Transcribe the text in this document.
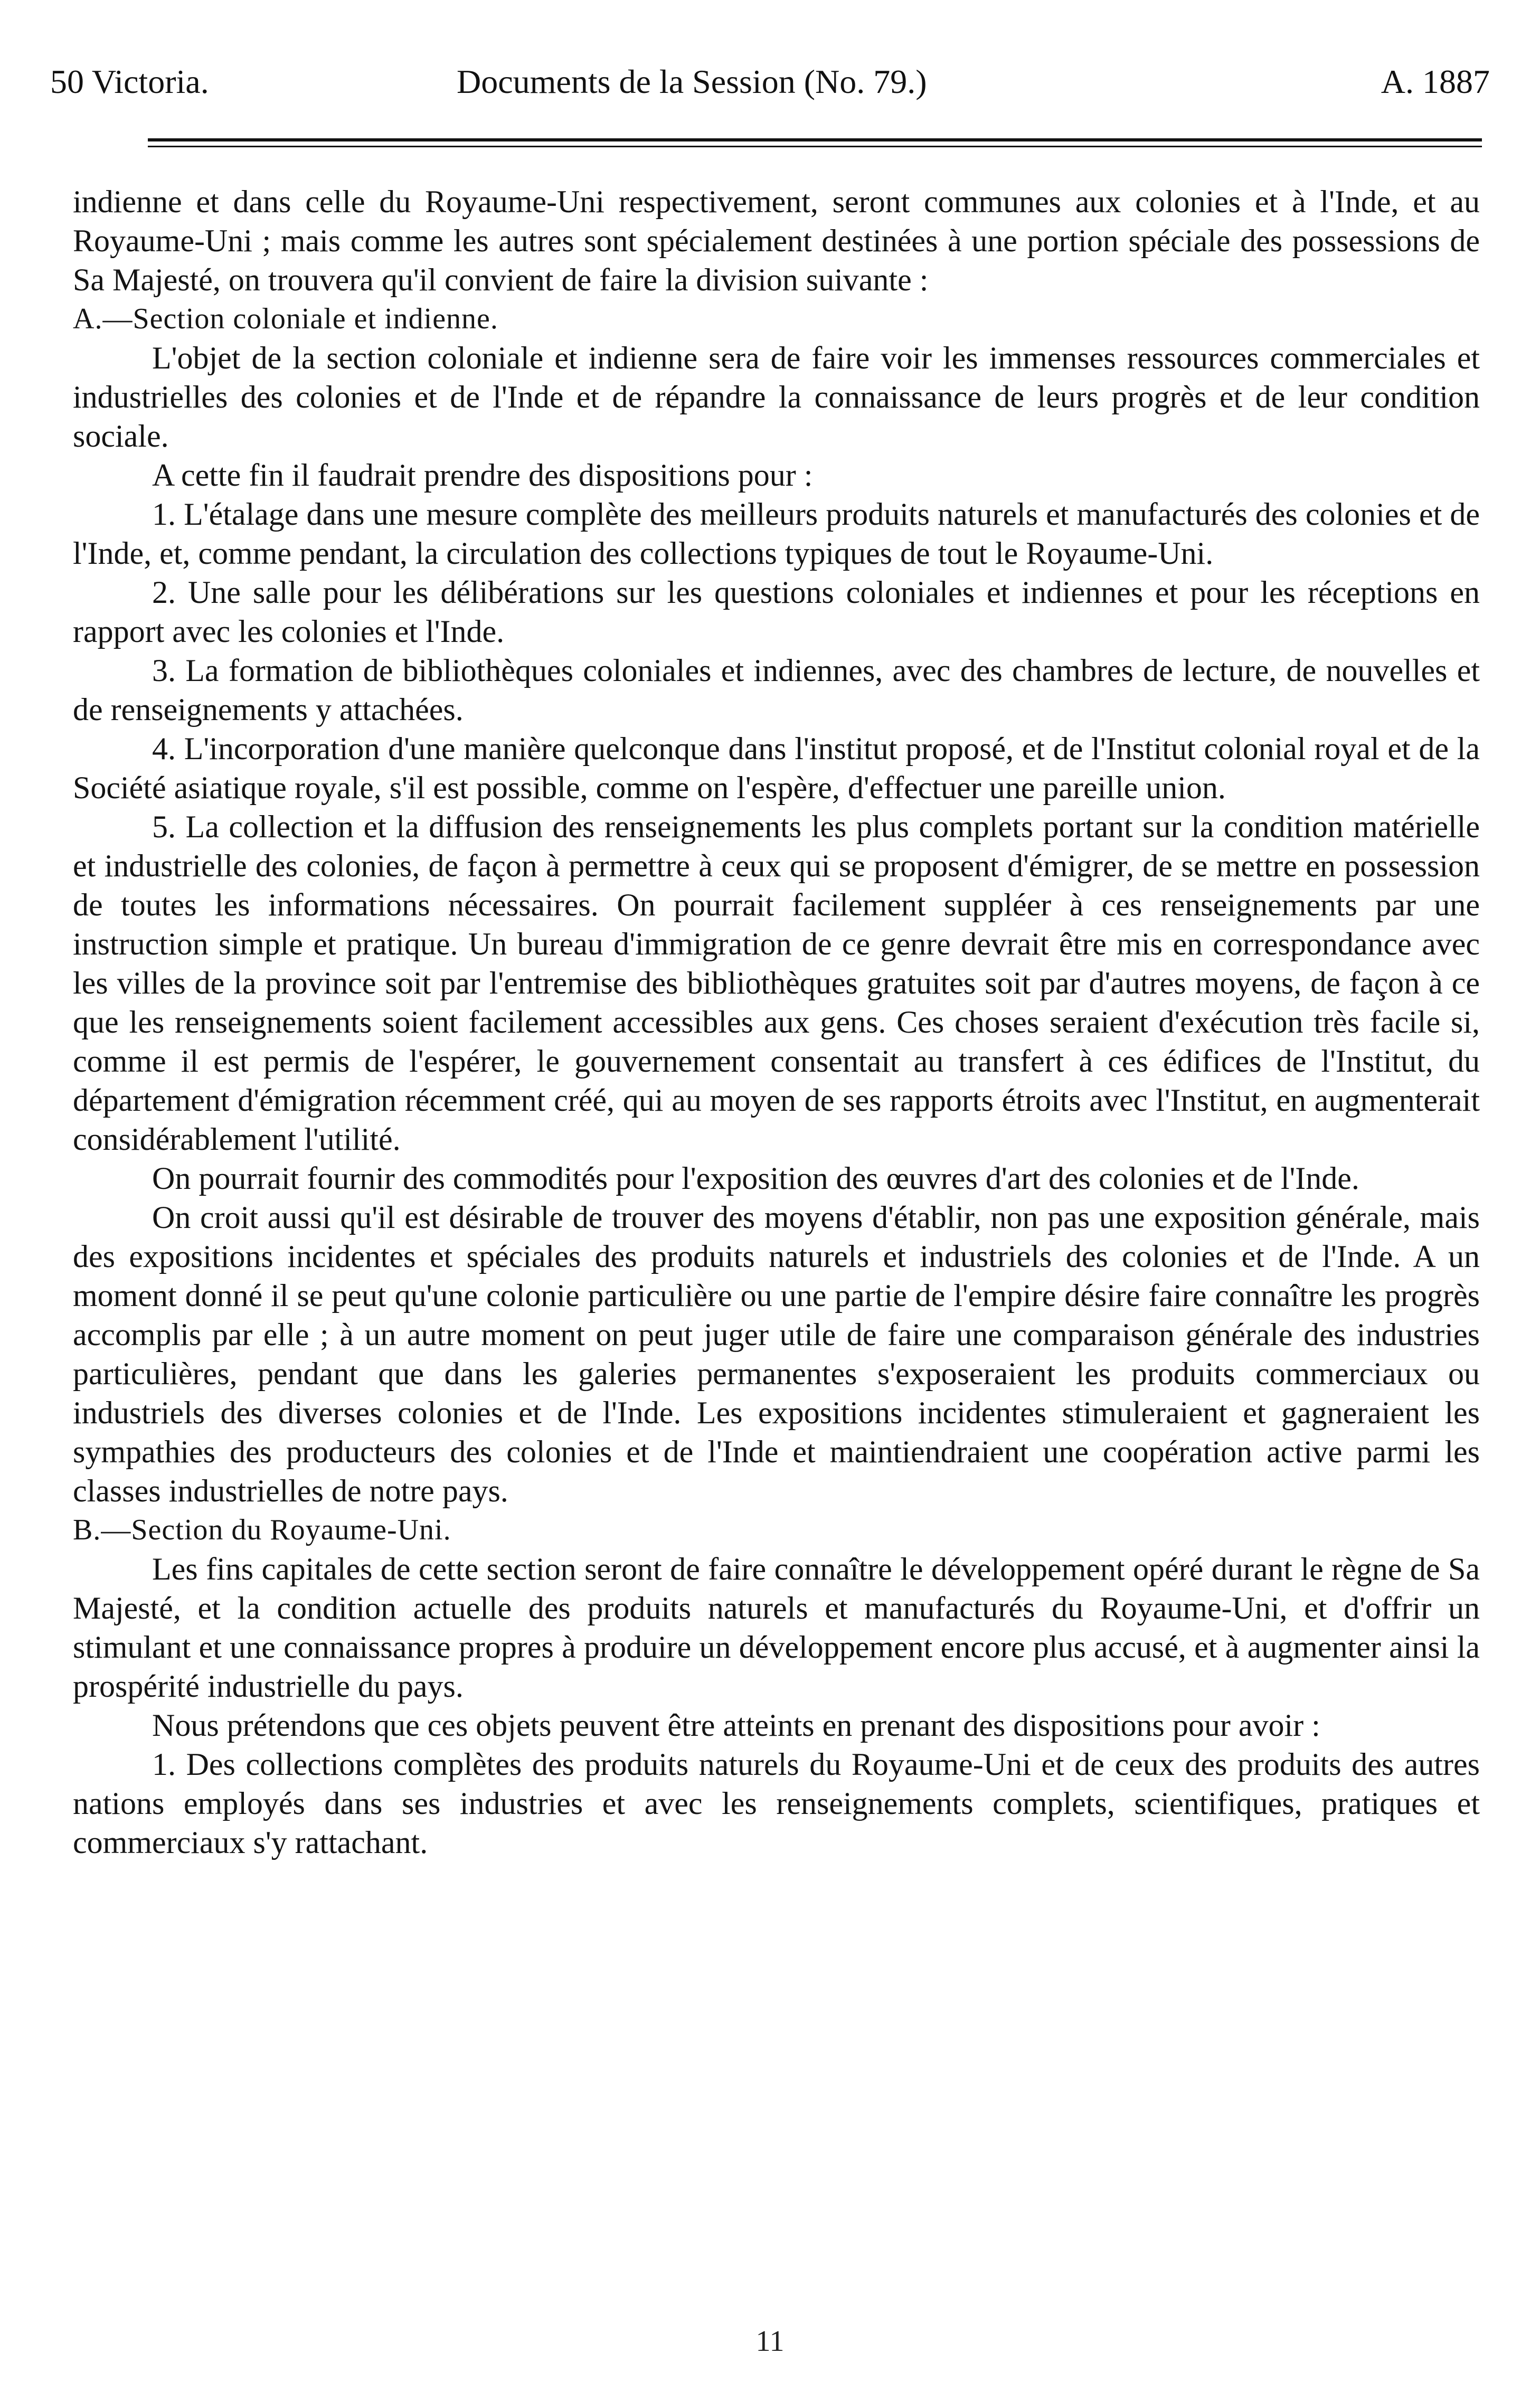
50 Victoria.	Documents de la Session (No. 79.)	A. 1887

indienne et dans celle du Royaume-Uni respectivement, seront communes aux colonies et à l'Inde, et au Royaume-Uni ; mais comme les autres sont spécialement destinées à une portion spéciale des possessions de Sa Majesté, on trouvera qu'il convient de faire la division suivante :

A.—Section coloniale et indienne.

L'objet de la section coloniale et indienne sera de faire voir les immenses ressources commerciales et industrielles des colonies et de l'Inde et de répandre la connaissance de leurs progrès et de leur condition sociale.

A cette fin il faudrait prendre des dispositions pour :

1. L'étalage dans une mesure complète des meilleurs produits naturels et manufacturés des colonies et de l'Inde, et, comme pendant, la circulation des collections typiques de tout le Royaume-Uni.

2. Une salle pour les délibérations sur les questions coloniales et indiennes et pour les réceptions en rapport avec les colonies et l'Inde.

3. La formation de bibliothèques coloniales et indiennes, avec des chambres de lecture, de nouvelles et de renseignements y attachées.

4. L'incorporation d'une manière quelconque dans l'institut proposé, et de l'Institut colonial royal et de la Société asiatique royale, s'il est possible, comme on l'espère, d'effectuer une pareille union.

5. La collection et la diffusion des renseignements les plus complets portant sur la condition matérielle et industrielle des colonies, de façon à permettre à ceux qui se proposent d'émigrer, de se mettre en possession de toutes les informations nécessaires. On pourrait facilement suppléer à ces renseignements par une instruction simple et pratique. Un bureau d'immigration de ce genre devrait être mis en correspondance avec les villes de la province soit par l'entremise des bibliothèques gratuites soit par d'autres moyens, de façon à ce que les renseignements soient facilement accessibles aux gens. Ces choses seraient d'exécution très facile si, comme il est permis de l'espérer, le gouvernement consentait au transfert à ces édifices de l'Institut, du département d'émigration récemment créé, qui au moyen de ses rapports étroits avec l'Institut, en augmenterait considérablement l'utilité.

On pourrait fournir des commodités pour l'exposition des œuvres d'art des colonies et de l'Inde.

On croit aussi qu'il est désirable de trouver des moyens d'établir, non pas une exposition générale, mais des expositions incidentes et spéciales des produits naturels et industriels des colonies et de l'Inde. A un moment donné il se peut qu'une colonie particulière ou une partie de l'empire désire faire connaître les progrès accomplis par elle ; à un autre moment on peut juger utile de faire une comparaison générale des industries particulières, pendant que dans les galeries permanentes s'exposeraient les produits commerciaux ou industriels des diverses colonies et de l'Inde. Les expositions incidentes stimuleraient et gagneraient les sympathies des producteurs des colonies et de l'Inde et maintiendraient une coopération active parmi les classes industrielles de notre pays.

B.—Section du Royaume-Uni.

Les fins capitales de cette section seront de faire connaître le développement opéré durant le règne de Sa Majesté, et la condition actuelle des produits naturels et manufacturés du Royaume-Uni, et d'offrir un stimulant et une connaissance propres à produire un développement encore plus accusé, et à augmenter ainsi la prospérité industrielle du pays.

Nous prétendons que ces objets peuvent être atteints en prenant des dispositions pour avoir :

1. Des collections complètes des produits naturels du Royaume-Uni et de ceux des produits des autres nations employés dans ses industries et avec les renseignements complets, scientifiques, pratiques et commerciaux s'y rattachant.

11
